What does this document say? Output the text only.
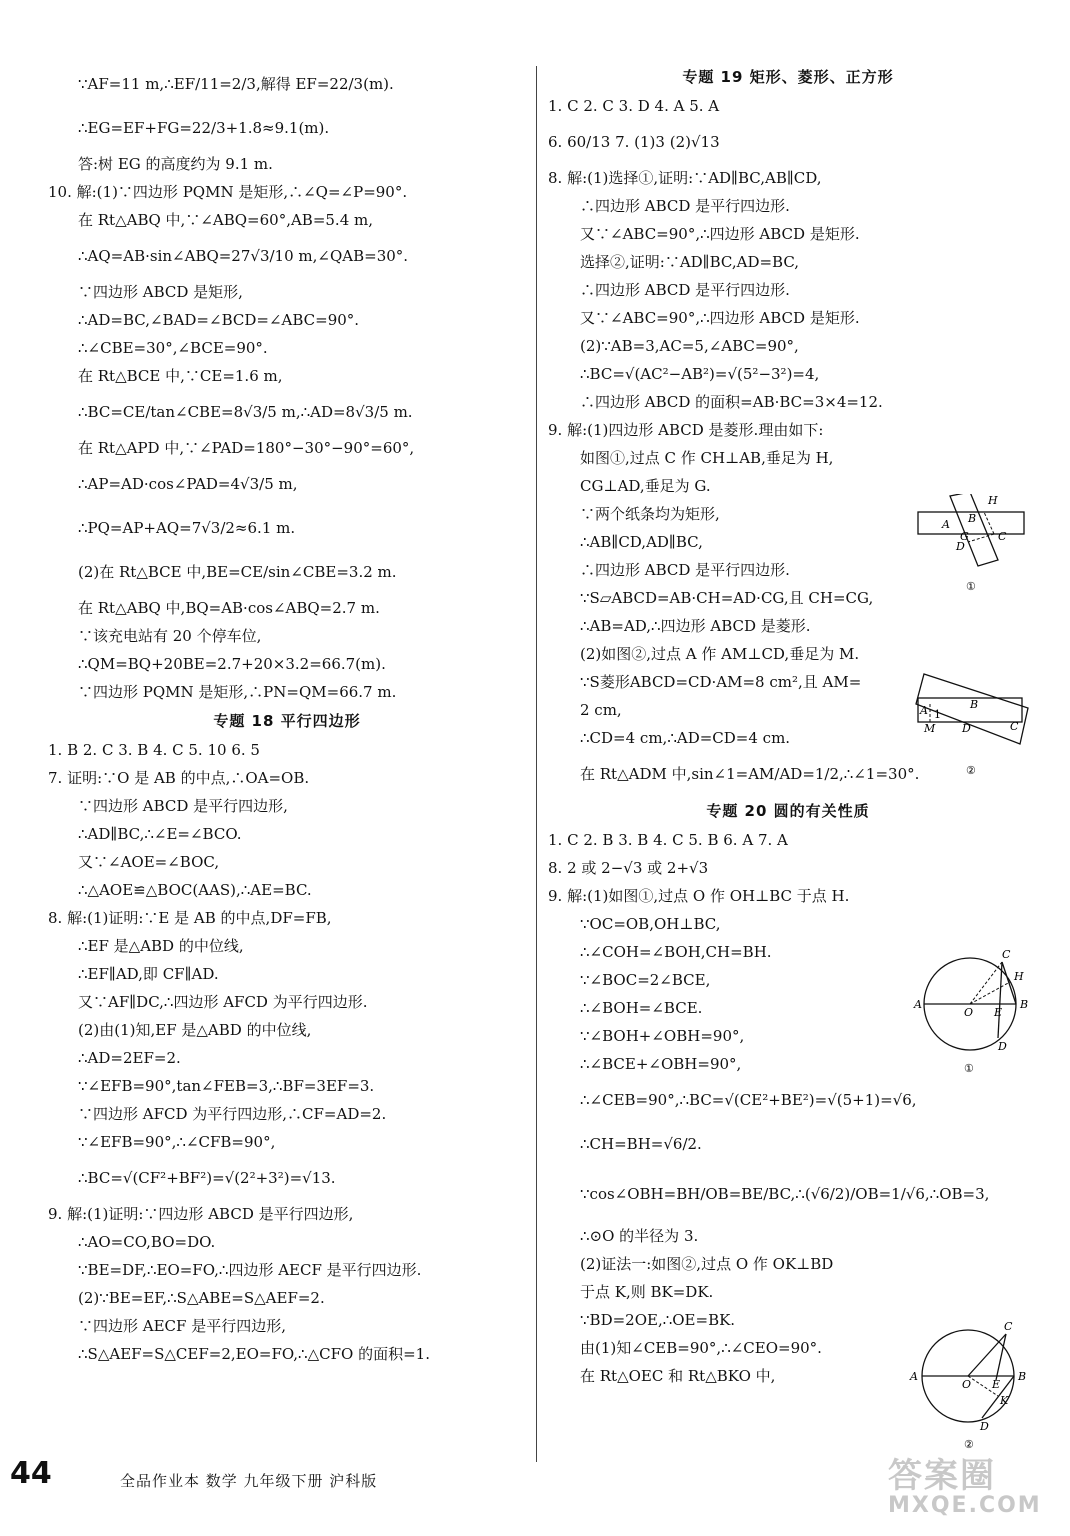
∵AF=11 m,∴EF/11=2/3,解得 EF=22/3(m).
∴EG=EF+FG=22/3+1.8≈9.1(m).
答:树 EG 的高度约为 9.1 m.
10. 解:(1)∵四边形 PQMN 是矩形,∴∠Q=∠P=90°.
在 Rt△ABQ 中,∵∠ABQ=60°,AB=5.4 m,
∴AQ=AB·sin∠ABQ=27√3/10 m,∠QAB=30°.
∵四边形 ABCD 是矩形,
∴AD=BC,∠BAD=∠BCD=∠ABC=90°.
∴∠CBE=30°,∠BCE=90°.
在 Rt△BCE 中,∵CE=1.6 m,
∴BC=CE/tan∠CBE=8√3/5 m,∴AD=8√3/5 m.
在 Rt△APD 中,∵∠PAD=180°−30°−90°=60°,
∴AP=AD·cos∠PAD=4√3/5 m,
∴PQ=AP+AQ=7√3/2≈6.1 m.
(2)在 Rt△BCE 中,BE=CE/sin∠CBE=3.2 m.
在 Rt△ABQ 中,BQ=AB·cos∠ABQ=2.7 m.
∵该充电站有 20 个停车位,
∴QM=BQ+20BE=2.7+20×3.2=66.7(m).
∵四边形 PQMN 是矩形,∴PN=QM=66.7 m.
专题 18 平行四边形
1. B 2. C 3. B 4. C 5. 10 6. 5
7. 证明:∵O 是 AB 的中点,∴OA=OB.
∵四边形 ABCD 是平行四边形,
∴AD∥BC,∴∠E=∠BCO.
又∵∠AOE=∠BOC,
∴△AOE≌△BOC(AAS),∴AE=BC.
8. 解:(1)证明:∵E 是 AB 的中点,DF=FB,
∴EF 是△ABD 的中位线,
∴EF∥AD,即 CF∥AD.
又∵AF∥DC,∴四边形 AFCD 为平行四边形.
(2)由(1)知,EF 是△ABD 的中位线,
∴AD=2EF=2.
∵∠EFB=90°,tan∠FEB=3,∴BF=3EF=3.
∵四边形 AFCD 为平行四边形,∴CF=AD=2.
∵∠EFB=90°,∴∠CFB=90°,
∴BC=√(CF²+BF²)=√(2²+3²)=√13.
9. 解:(1)证明:∵四边形 ABCD 是平行四边形,
∴AO=CO,BO=DO.
∵BE=DF,∴EO=FO,∴四边形 AECF 是平行四边形.
(2)∵BE=EF,∴S△ABE=S△AEF=2.
∵四边形 AECF 是平行四边形,
∴S△AEF=S△CEF=2,EO=FO,∴△CFO 的面积=1.
专题 19 矩形、菱形、正方形
1. C 2. C 3. D 4. A 5. A
6. 60/13 7. (1)3 (2)√13
8. 解:(1)选择①,证明:∵AD∥BC,AB∥CD,
∴四边形 ABCD 是平行四边形.
又∵∠ABC=90°,∴四边形 ABCD 是矩形.
选择②,证明:∵AD∥BC,AD=BC,
∴四边形 ABCD 是平行四边形.
又∵∠ABC=90°,∴四边形 ABCD 是矩形.
(2)∵AB=3,AC=5,∠ABC=90°,
∴BC=√(AC²−AB²)=√(5²−3²)=4,
∴四边形 ABCD 的面积=AB·BC=3×4=12.
9. 解:(1)四边形 ABCD 是菱形.理由如下:
如图①,过点 C 作 CH⊥AB,垂足为 H,
CG⊥AD,垂足为 G.
∵两个纸条均为矩形,
∴AB∥CD,AD∥BC,
∴四边形 ABCD 是平行四边形.
∵S▱ABCD=AB·CH=AD·CG,且 CH=CG,
∴AB=AD,∴四边形 ABCD 是菱形.
(2)如图②,过点 A 作 AM⊥CD,垂足为 M.
∵S菱形ABCD=CD·AM=8 cm²,且 AM=
2 cm,
∴CD=4 cm,∴AD=CD=4 cm.
在 Rt△ADM 中,sin∠1=AM/AD=1/2,∴∠1=30°.
专题 20 圆的有关性质
1. C 2. B 3. B 4. C 5. B 6. A 7. A
8. 2 或 2−√3 或 2+√3
9. 解:(1)如图①,过点 O 作 OH⊥BC 于点 H.
∵OC=OB,OH⊥BC,
∴∠COH=∠BOH,CH=BH.
∵∠BOC=2∠BCE,
∴∠BOH=∠BCE.
∵∠BOH+∠OBH=90°,
∴∠BCE+∠OBH=90°,
∴∠CEB=90°,∴BC=√(CE²+BE²)=√(5+1)=√6,
∴CH=BH=√6/2.
∵cos∠OBH=BH/OB=BE/BC,∴(√6/2)/OB=1/√6,∴OB=3,
∴⊙O 的半径为 3.
(2)证法一:如图②,过点 O 作 OK⊥BD
于点 K,则 BK=DK.
∵BD=2OE,∴OE=BK.
由(1)知∠CEB=90°,∴∠CEO=90°.
在 Rt△OEC 和 Rt△BKO 中,
A B
H
C
D
G
①
A	B
1
M D	C
②
C
H
A
O E
B
D
①
C
A
O E
B
K
D
②
44	全品作业本 数学 九年级下册 沪科版	答案圈
MXQE.COM
